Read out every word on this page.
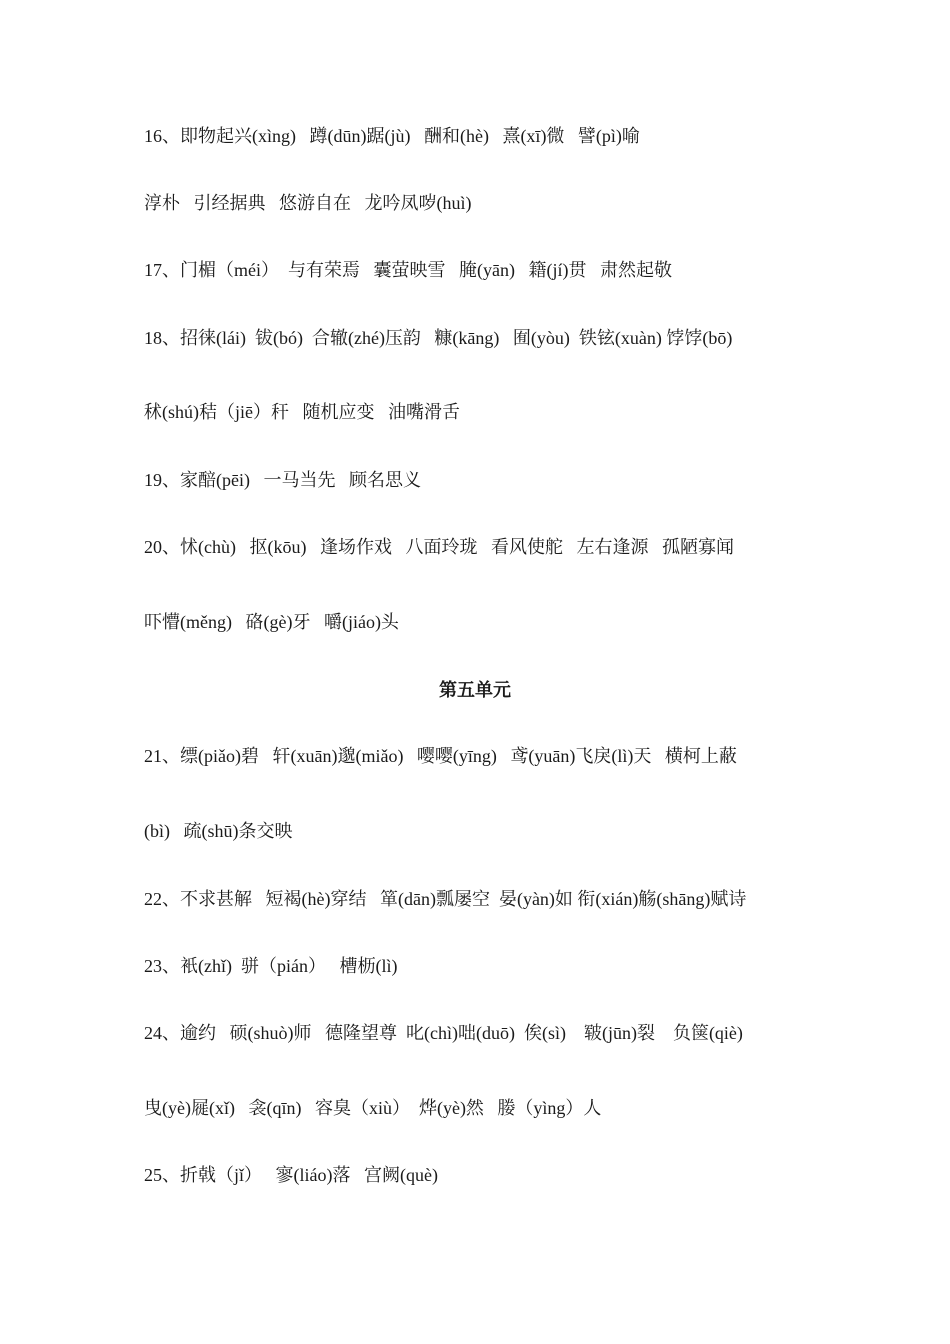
16、即物起兴(xìng)   蹲(dūn)踞(jù)   酬和(hè)   熹(xī)微   譬(pì)喻
淳朴   引经据典   悠游自在   龙吟凤哕(huì)
17、门楣（méi）  与有荣焉   囊萤映雪   腌(yān)   籍(jí)贯   肃然起敬
18、招徕(lái)  钹(bó)  合辙(zhé)压韵   糠(kāng)   囿(yòu)  铁铉(xuàn) 饽饽(bō)
秫(shú)秸（jiē）秆   随机应变   油嘴滑舌
19、家醅(pēi)   一马当先   顾名思义
20、怵(chù)   抠(kōu)   逢场作戏   八面玲珑   看风使舵   左右逢源   孤陋寡闻
吓懵(měng)   硌(gè)牙   嚼(jiáo)头
第五单元
21、缥(piǎo)碧   轩(xuān)邈(miǎo)   嘤嘤(yīng)   鸢(yuān)飞戾(lì)天   横柯上蔽
(bì)   疏(shū)条交映
22、不求甚解   短褐(hè)穿结   箪(dān)瓢屡空  晏(yàn)如 衔(xián)觞(shāng)赋诗
23、衹(zhǐ)  骈（pián）   槽枥(lì)
24、逾约   硕(shuò)师   德隆望尊  叱(chì)咄(duō)  俟(sì)    皲(jūn)裂    负箧(qiè)
曳(yè)屣(xǐ)   衾(qīn)   容臭（xiù）  烨(yè)然   媵（yìng）人
25、折戟（jǐ）   寥(liáo)落   宫阙(què)
